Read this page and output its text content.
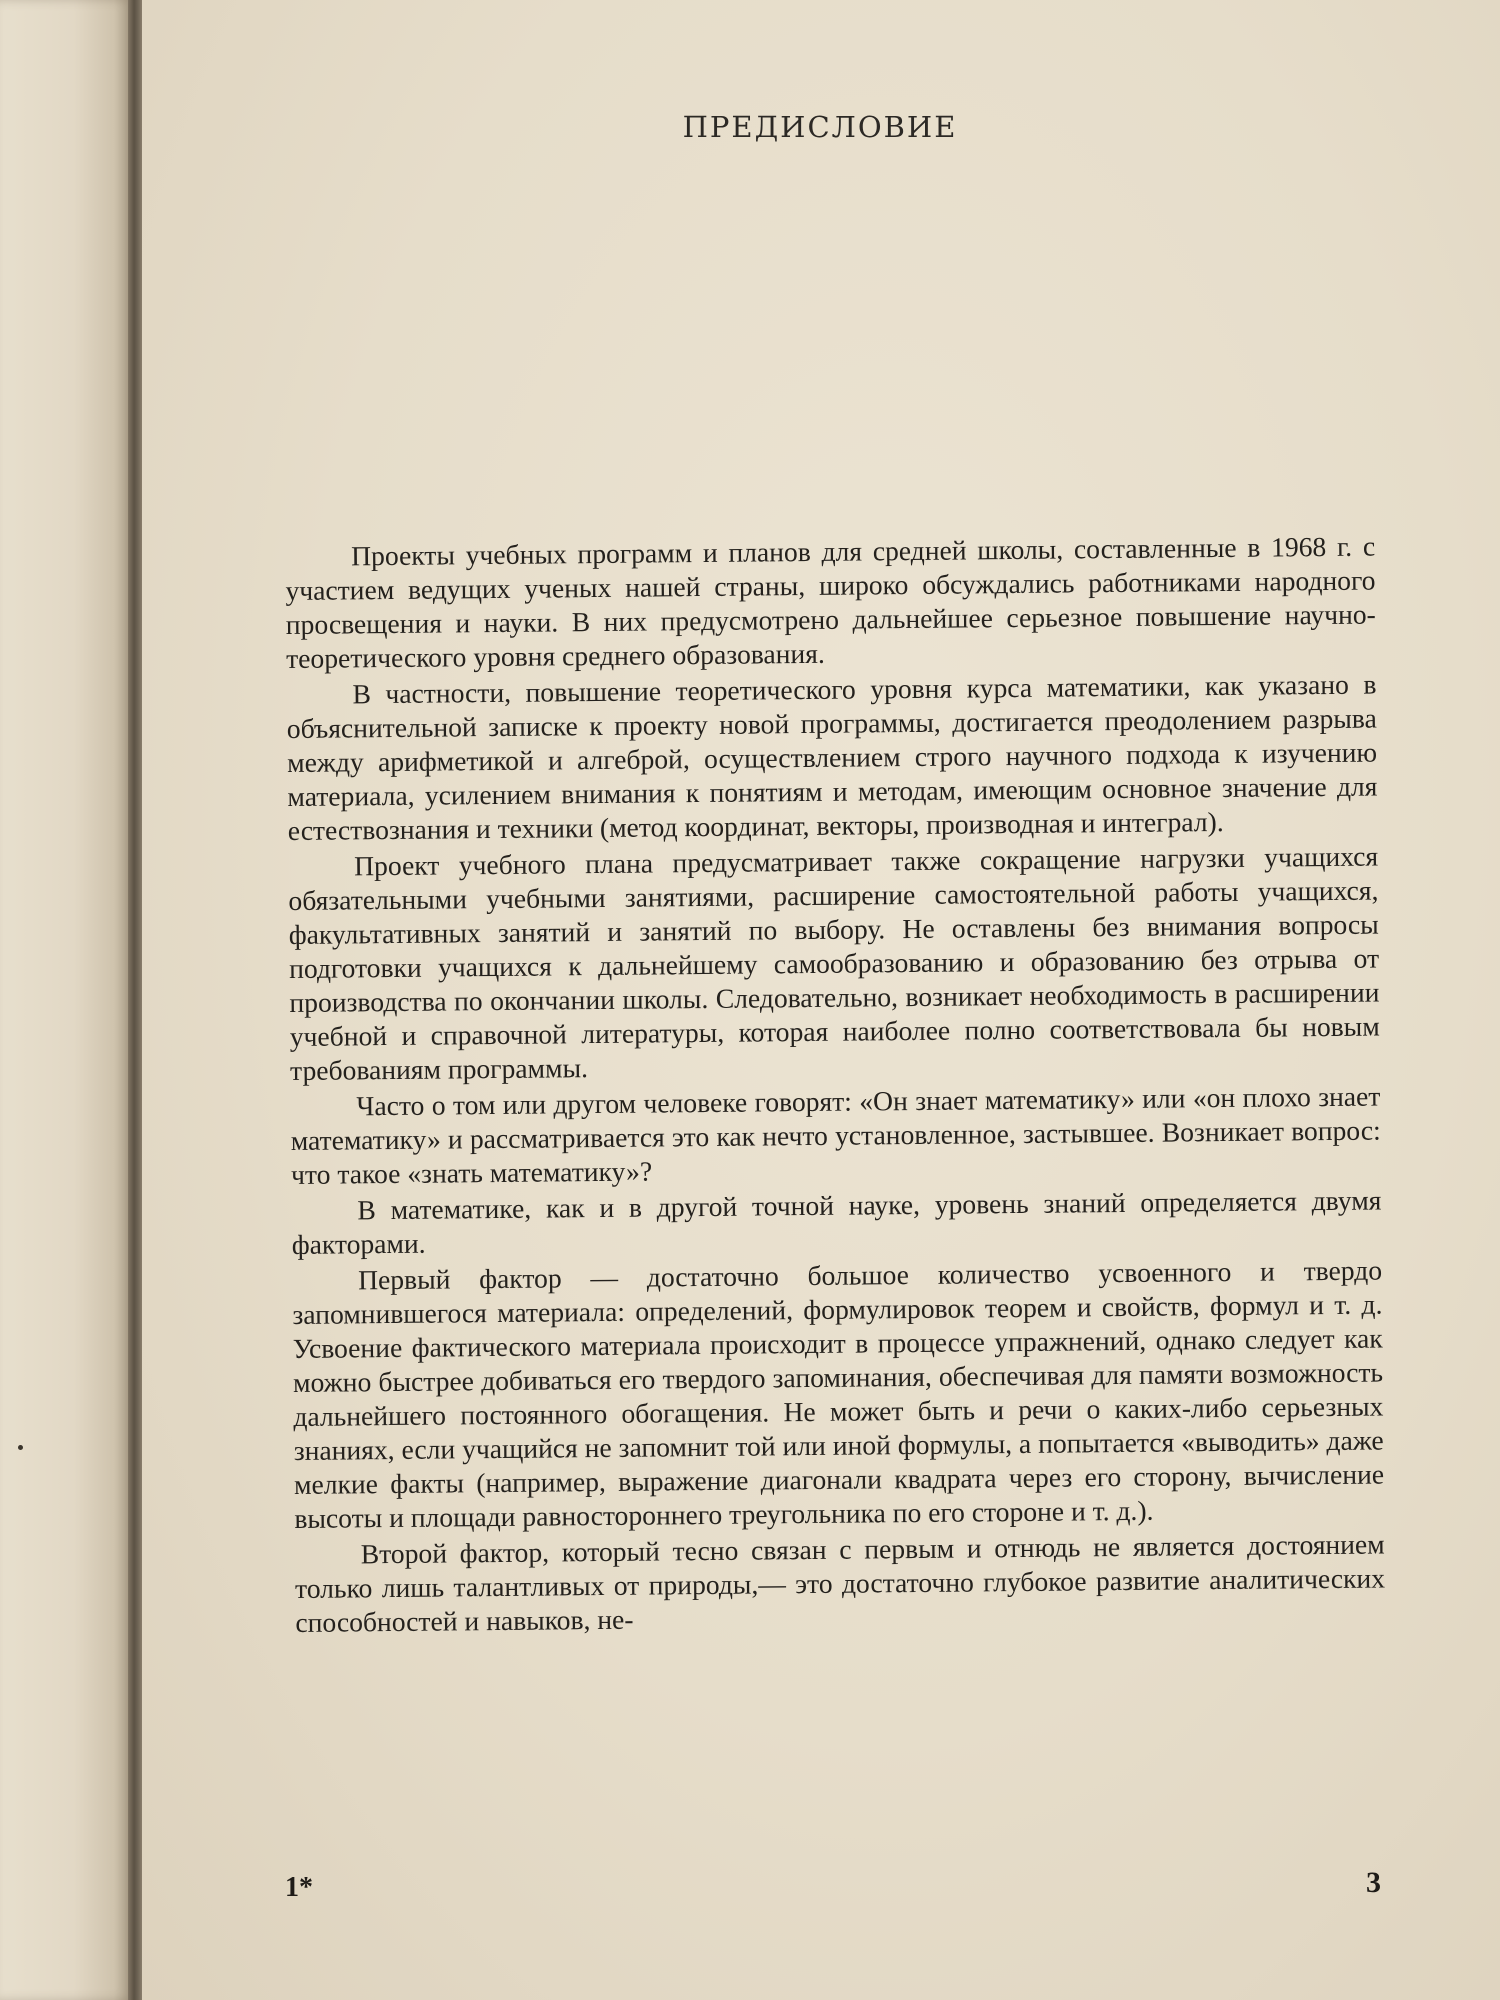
ПРЕДИСЛОВИЕ

Проекты учебных программ и планов для средней школы, составленные в 1968 г. с участием ведущих ученых нашей страны, широко обсуждались работниками народного просвещения и науки. В них предусмотрено дальнейшее серьезное повышение научно-теоретического уровня среднего образования.

В частности, повышение теоретического уровня курса математики, как указано в объяснительной записке к проекту новой программы, достигается преодолением разрыва между арифметикой и алгеброй, осуществлением строго научного подхода к изучению материала, усилением внимания к понятиям и методам, имеющим основное значение для естествознания и техники (метод координат, векторы, производная и интеграл).

Проект учебного плана предусматривает также сокращение нагрузки учащихся обязательными учебными занятиями, расширение самостоятельной работы учащихся, факультативных занятий и занятий по выбору. Не оставлены без внимания вопросы подготовки учащихся к дальнейшему самообразованию и образованию без отрыва от производства по окончании школы. Следовательно, возникает необходимость в расширении учебной и справочной литературы, которая наиболее полно соответствовала бы новым требованиям программы.

Часто о том или другом человеке говорят: «Он знает математику» или «он плохо знает математику» и рассматривается это как нечто установленное, застывшее. Возникает вопрос: что такое «знать математику»?

В математике, как и в другой точной науке, уровень знаний определяется двумя факторами.

Первый фактор — достаточно большое количество усвоенного и твердо запомнившегося материала: определений, формулировок теорем и свойств, формул и т. д. Усвоение фактического материала происходит в процессе упражнений, однако следует как можно быстрее добиваться его твердого запоминания, обеспечивая для памяти возможность дальнейшего постоянного обогащения. Не может быть и речи о каких-либо серьезных знаниях, если учащийся не запомнит той или иной формулы, а попытается «выводить» даже мелкие факты (например, выражение диагонали квадрата через его сторону, вычисление высоты и площади равностороннего треугольника по его стороне и т. д.).

Второй фактор, который тесно связан с первым и отнюдь не является достоянием только лишь талантливых от природы,— это достаточно глубокое развитие аналитических способностей и навыков, не-

1*	3
